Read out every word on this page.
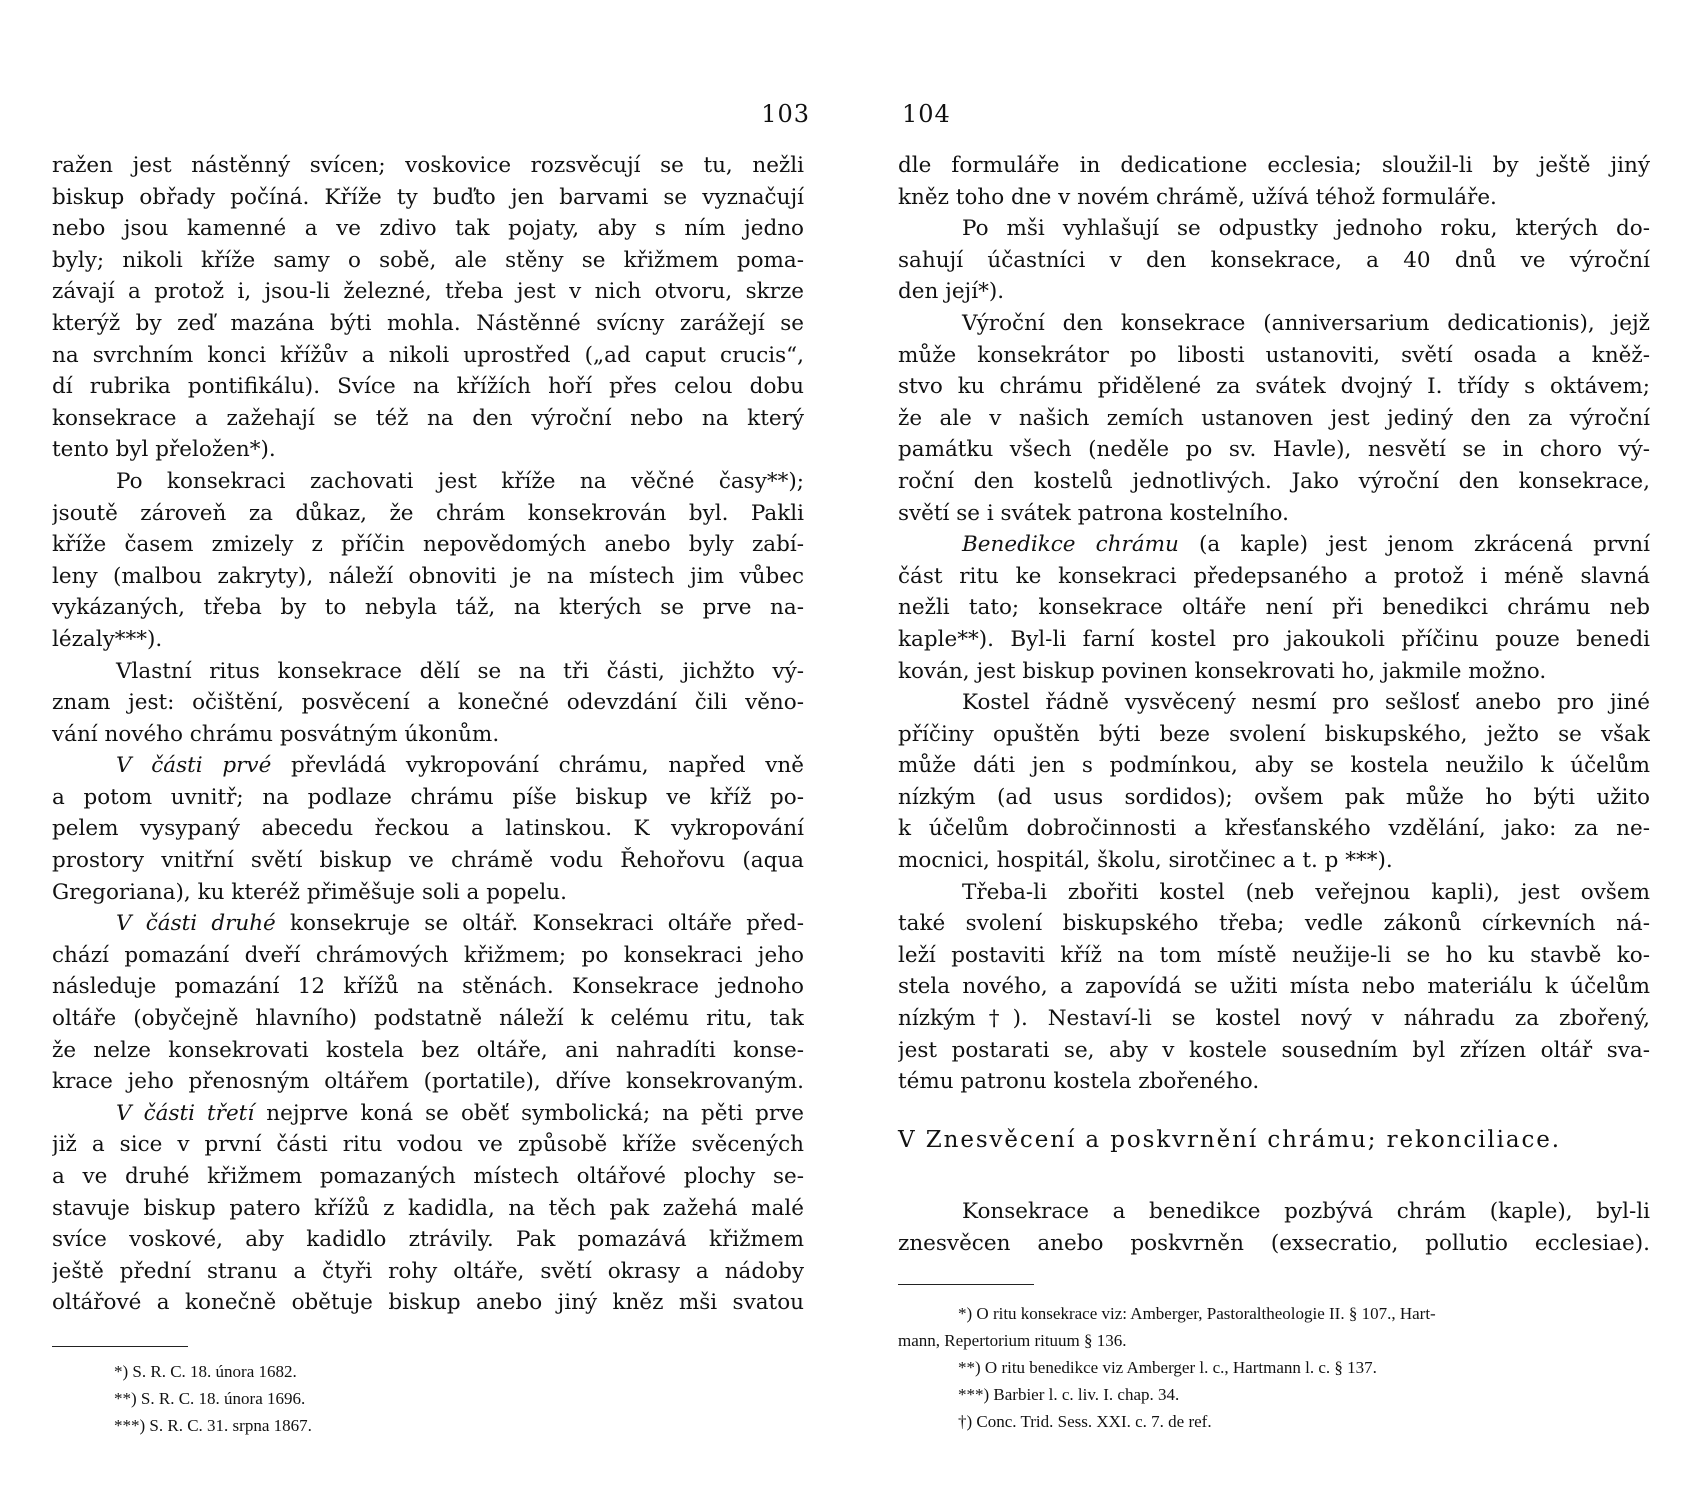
103
ražen jest nástěnný svícen; voskovice rozsvěcují se tu, nežli
biskup obřady počíná. Kříže ty buďto jen barvami se vyznačují
nebo jsou kamenné a ve zdivo tak pojaty, aby s ním jedno
byly; nikoli kříže samy o sobě, ale stěny se křižmem poma-
závají a protož i, jsou-li železné, třeba jest v nich otvoru, skrze
kterýž by zeď mazána býti mohla. Nástěnné svícny zarážejí se
na svrchním konci křížův a nikoli uprostřed („ad caput crucis“,
dí rubrika pontifikálu). Svíce na křížích hoří přes celou dobu
konsekrace a zažehají se též na den výroční nebo na který
tento byl přeložen*).
Po konsekraci zachovati jest kříže na věčné časy**);
jsoutě zároveň za důkaz, že chrám konsekrován byl. Pakli
kříže časem zmizely z příčin nepovědomých anebo byly zabí-
leny (malbou zakryty), náleží obnoviti je na místech jim vůbec
vykázaných, třeba by to nebyla táž, na kterých se prve na-
lézaly***).
Vlastní ritus konsekrace dělí se na tři části, jichžto vý-
znam jest: očištění, posvěcení a konečné odevzdání čili věno-
vání nového chrámu posvátným úkonům.
V části prvé převládá vykropování chrámu, napřed vně
a potom uvnitř; na podlaze chrámu píše biskup ve kříž po-
pelem vysypaný abecedu řeckou a latinskou. K vykropování
prostory vnitřní světí biskup ve chrámě vodu Řehořovu (aqua
Gregoriana), ku kteréž přiměšuje soli a popelu.
V části druhé konsekruje se oltář. Konsekraci oltáře před-
chází pomazání dveří chrámových křižmem; po konsekraci jeho
následuje pomazání 12 křížů na stěnách. Konsekrace jednoho
oltáře (obyčejně hlavního) podstatně náleží k celému ritu, tak
že nelze konsekrovati kostela bez oltáře, ani nahradíti konse-
krace jeho přenosným oltářem (portatile), dříve konsekrovaným.
V části třetí nejprve koná se oběť symbolická; na pěti prve
již a sice v první části ritu vodou ve způsobě kříže svěcených
a ve druhé křižmem pomazaných místech oltářové plochy se-
stavuje biskup patero křížů z kadidla, na těch pak zažehá malé
svíce voskové, aby kadidlo ztrávily. Pak pomazává křižmem
ještě přední stranu a čtyři rohy oltáře, světí okrasy a nádoby
oltářové a konečně obětuje biskup anebo jiný kněz mši svatou
*) S. R. C. 18. února 1682.
**) S. R. C. 18. února 1696.
***) S. R. C. 31. srpna 1867.
104
dle formuláře in dedicatione ecclesia; sloužil-li by ještě jiný
kněz toho dne v novém chrámě, užívá téhož formuláře.
Po mši vyhlašují se odpustky jednoho roku, kterých do-
sahují účastníci v den konsekrace, a 40 dnů ve výroční
den její*).
Výroční den konsekrace (anniversarium dedicationis), jejž
může konsekrátor po libosti ustanoviti, světí osada a kněž-
stvo ku chrámu přidělené za svátek dvojný I. třídy s oktávem;
že ale v našich zemích ustanoven jest jediný den za výroční
památku všech (neděle po sv. Havle), nesvětí se in choro vý-
roční den kostelů jednotlivých. Jako výroční den konsekrace,
světí se i svátek patrona kostelního.
Benedikce chrámu (a kaple) jest jenom zkrácená první
část ritu ke konsekraci předepsaného a protož i méně slavná
nežli tato; konsekrace oltáře není při benedikci chrámu neb
kaple**). Byl-li farní kostel pro jakoukoli příčinu pouze benedi
kován, jest biskup povinen konsekrovati ho, jakmile možno.
Kostel řádně vysvěcený nesmí pro sešlosť anebo pro jiné
příčiny opuštěn býti beze svolení biskupského, ježto se však
může dáti jen s podmínkou, aby se kostela neužilo k účelům
nízkým (ad usus sordidos); ovšem pak může ho býti užito
k účelům dobročinnosti a křesťanského vzdělání, jako: za ne-
mocnici, hospitál, školu, sirotčinec a t. p ***).
Třeba-li zbořiti kostel (neb veřejnou kapli), jest ovšem
také svolení biskupského třeba; vedle zákonů církevních ná-
leží postaviti kříž na tom místě neužije-li se ho ku stavbě ko-
stela nového, a zapovídá se užiti místa nebo materiálu k účelům
nízkým†). Nestaví-li se kostel nový v náhradu za zbořený,
jest postarati se, aby v kostele sousedním byl zřízen oltář sva-
tému patronu kostela zbořeného.
V Znesvěcení a poskvrnění chrámu; rekonciliace.
Konsekrace a benedikce pozbývá chrám (kaple), byl-li
znesvěcen anebo poskvrněn (exsecratio, pollutio ecclesiae).
*) O ritu konsekrace viz: Amberger, Pastoraltheologie II. § 107., Hart-
mann, Repertorium rituum § 136.
**) O ritu benedikce viz Amberger l. c., Hartmann l. c. § 137.
***) Barbier l. c. liv. I. chap. 34.
†) Conc. Trid. Sess. XXI. c. 7. de ref.
